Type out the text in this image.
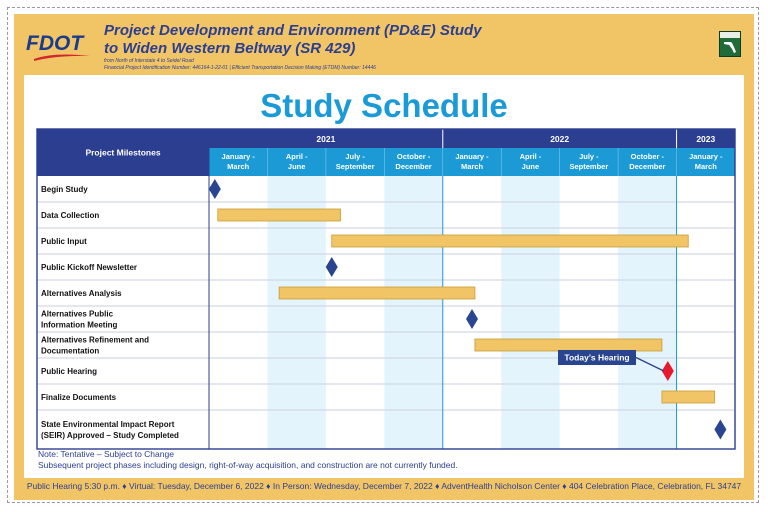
FDOT
Project Development and Environment (PD&E) Study
to Widen Western Beltway (SR 429)
from North of Interstate 4 to Seidel Road
Financial Project Identification Number: 446164-1-22-01 | Efficient Transportation Decision Making (ETDM) Number: 14446
Study Schedule
Project Milestones
2021	2022	2023
January -
March
April -
June
July -
September
October -
December
January -
March
April -
June
July -
September
October -
December
January -
March
Begin Study
Data Collection
Public Input
Public Kickoff Newsletter
Alternatives Analysis
Alternatives Public
Information Meeting
Alternatives Refinement and
Documentation
Public Hearing
Finalize Documents
State Environmental Impact Report
(SEIR) Approved – Study Completed
Today’s Hearing
Note: Tentative – Subject to Change
Subsequent project phases including design, right-of-way acquisition, and construction are not currently funded.
Public Hearing 5:30 p.m. ♦ Virtual: Tuesday, December 6, 2022 ♦ In Person: Wednesday, December 7, 2022 ♦ AdventHealth Nicholson Center ♦ 404 Celebration Place, Celebration, FL 34747
